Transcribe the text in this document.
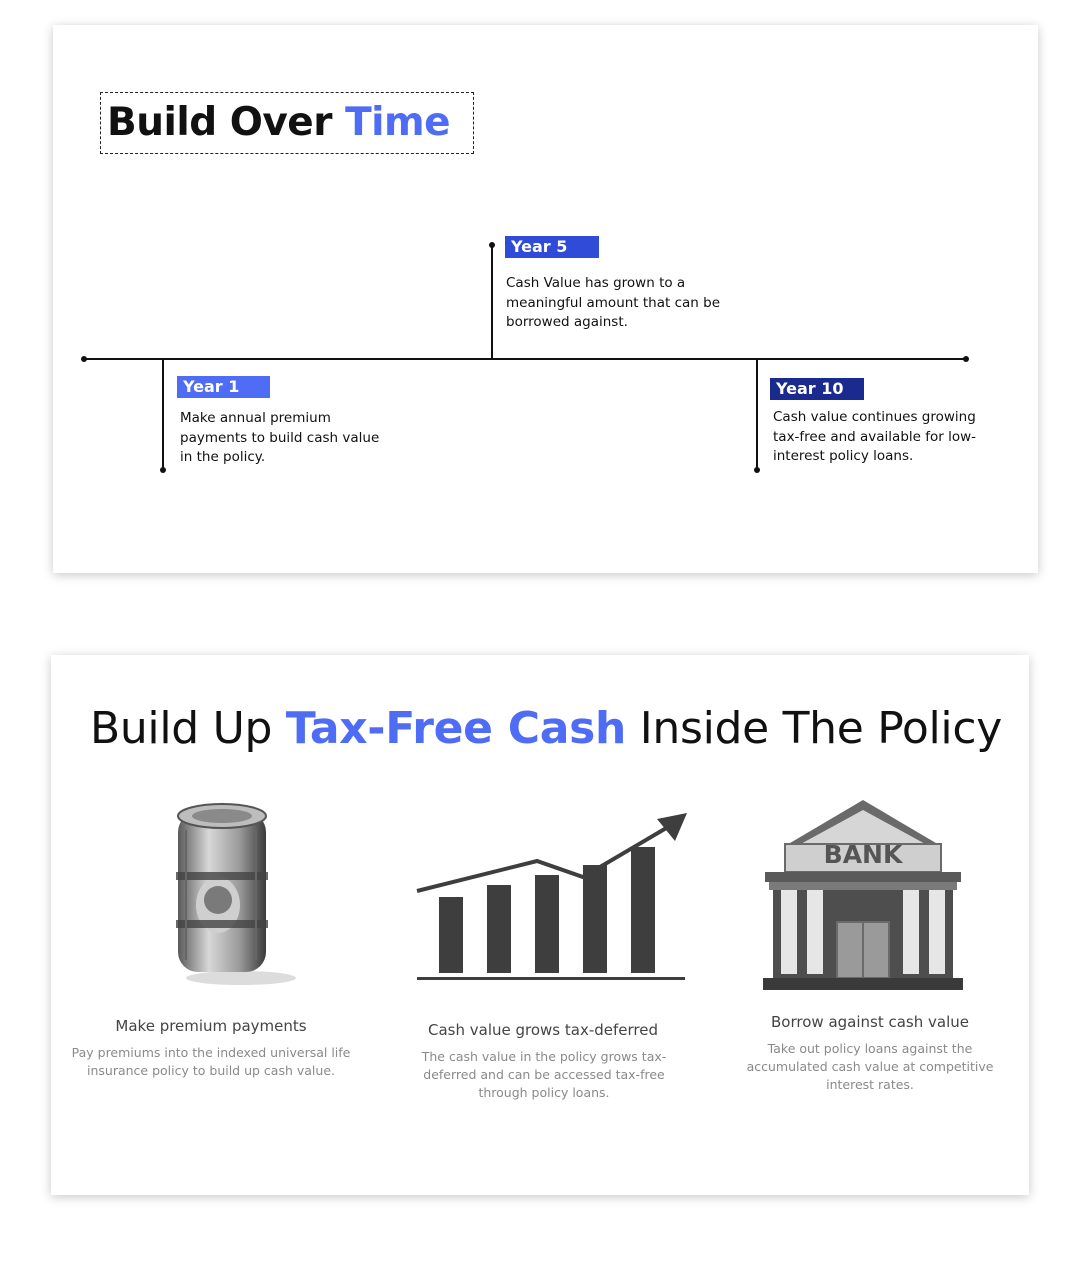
Build Over Time
Year 1
Make annual premium payments to build cash value in the policy.
Year 5
Cash Value has grown to a meaningful amount that can be borrowed against.
Year 10
Cash value continues growing tax-free and available for low-interest policy loans.
Build Up Tax-Free Cash Inside The Policy
BANK
Make premium payments
Pay premiums into the indexed universal life insurance policy to build up cash value.
Cash value grows tax-deferred
The cash value in the policy grows tax-deferred and can be accessed tax-free through policy loans.
Borrow against cash value
Take out policy loans against the accumulated cash value at competitive interest rates.
